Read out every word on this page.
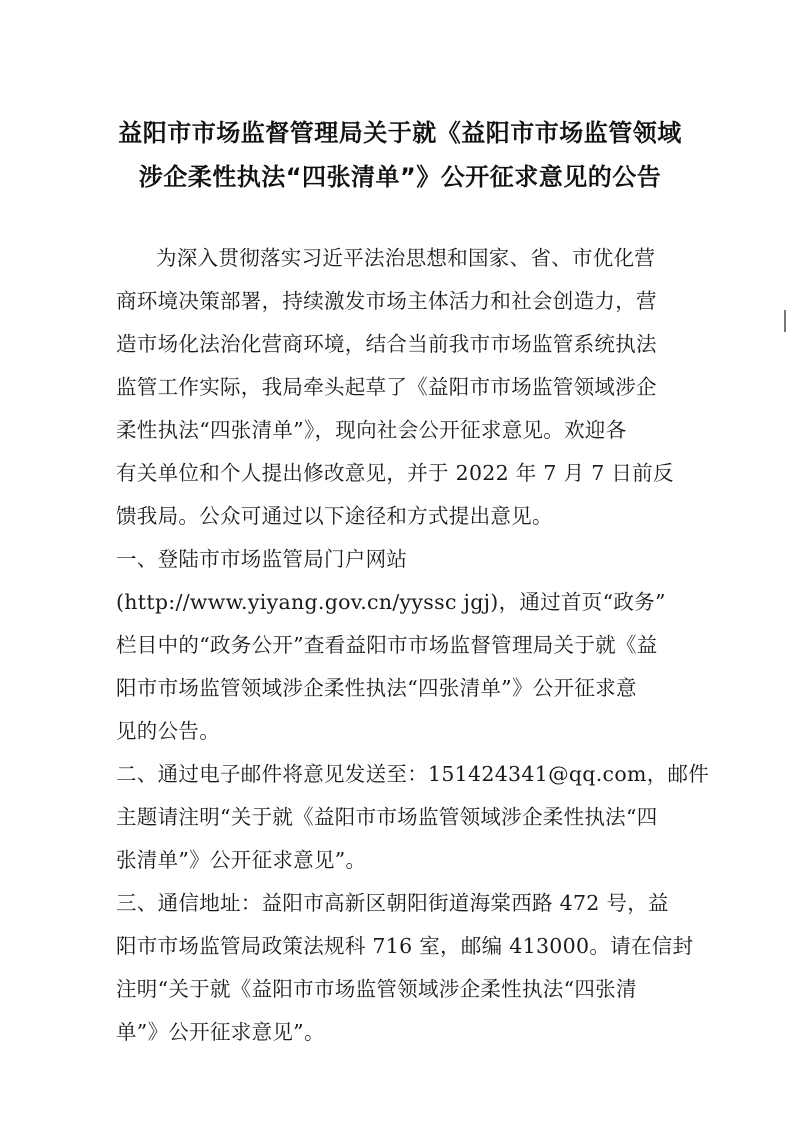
益阳市市场监督管理局关于就《益阳市市场监管领域
涉企柔性执法“四张清单”》公开征求意见的公告

为深入贯彻落实习近平法治思想和国家、省、市优化营

商环境决策部署，持续激发市场主体活力和社会创造力，营

造市场化法治化营商环境，结合当前我市市场监管系统执法

监管工作实际，我局牵头起草了《益阳市市场监管领域涉企

柔性执法“四张清单”》，现向社会公开征求意见。欢迎各

有关单位和个人提出修改意见，并于 2022 年 7 月 7 日前反

馈我局。公众可通过以下途径和方式提出意见。

一、登陆市市场监管局门户网站

(http://www.yiyang.gov.cn/yyssc jgj)，通过首页“政务”

栏目中的“政务公开”查看益阳市市场监督管理局关于就《益

阳市市场监管领域涉企柔性执法“四张清单”》公开征求意

见的公告。

二、通过电子邮件将意见发送至：151424341@qq.com，邮件

主题请注明“关于就《益阳市市场监管领域涉企柔性执法“四

张清单”》公开征求意见”。

三、通信地址：益阳市高新区朝阳街道海棠西路 472 号，益

阳市市场监管局政策法规科 716 室，邮编 413000。请在信封

注明“关于就《益阳市市场监管领域涉企柔性执法“四张清

单”》公开征求意见”。
